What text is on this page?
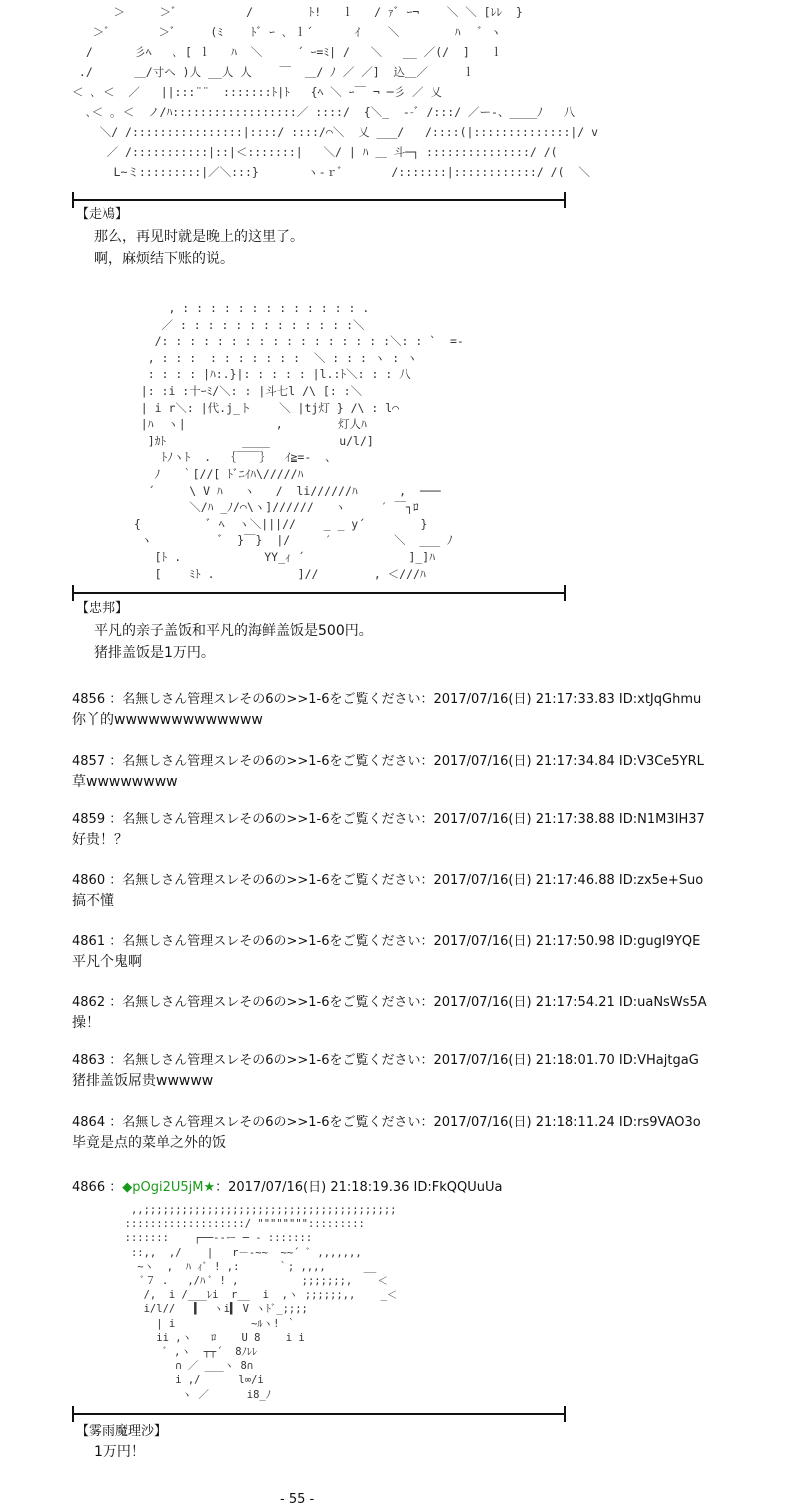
＞     ＞ﾞ          /        ﾄ!   ｌ   / ｧﾞ ｰ¬    ＼ ＼ [ﾚﾚ  }
＞ﾞ       ＞ﾞ     (ﾐ    ﾄﾞ ｰ ､ ｌ´      ｲ    ＼        ﾊ   ﾞ ヽ
/      彡ﾍ   ､ [ ｌ   ﾊ  ＼     ´ ｰ=ﾐ| /   ＼   __ ／(/  ]   ｌ
./      ＿/寸へ )人 __人 人    ￣  ＿/ ﾉ ／ ／]  込＿／     ｌ
＜ ､ ＜  ／   ||:::¨¨  :::::::ﾄ|ﾄ   {ﾍ ＼ ｰ￣ ¬ ─彡 ／ 乂
､＜ ｡ ＜  ノ/ﾊ::::::::::::::::::／ ::::/  {＼_  --ﾞ /:::/ ／ー-、____ﾉ   八
＼/ /::::::::::::::::|::::/ ::::/⌒＼  乂 ___/   /::::(|::::::::::::::|/ v
／ /:::::::::::|::|＜:::::::|   ＼/ | ﾊ ＿ 斗─┐ :::::::::::::::/ /(
L~ミ:::::::::|／＼:::}       ヽ-ｒﾞ       /:::::::|::::::::::::/ /(  ＼
【走鳰】
那么，再见时就是晚上的这里了。
啊，麻烦结下账的说。
, : : : : : : : : : : : : : .
／ : : : : : : : : : : : : :＼
/: : : : : : : : : : : : : : : : :＼: : `  =-
, : : :  : : : : : : :  ＼ : : : ヽ : ヽ
: : : : |ﾊ:.}|: : : : : |l.:ﾄ＼: : : 八
|: :i :十ｰﾐ/＼: : |斗七l /\ [: :＼
| i r＼: |代.j_ト    ＼ |tj灯 } /\ : l⌒
|ﾊ  ヽ|             ,        灯人ﾊ
]ｶﾄ           ____          u/l/]
ﾄﾉヽﾄ  .  ｛￣￣｝  ｲ≧=-  、
ﾉ   ｀[//[ ﾄﾞﾆｲﾊ\/////ﾊ
´     \ V ﾊ   ヽ   /  li//////ﾊ      ,  ───
＼/ﾊ _ﾉ/⌒\ヽ]//////   ヽ     ′ ￣┐ﾛ
{          ﾞ ﾍ  ヽ＼|||//    _ _ y´        }
ヽ          ﾞ  }￣}  |/     ′         ＼  ___ ﾉ
[ﾄ .            YY_ｨ ´               ]_]ﾊ
[    ﾐﾄ .            ]//        , ＜///ﾊ
【忠邦】
平凡的亲子盖饭和平凡的海鲜盖饭是500円。
猪排盖饭是1万円。
4856 ：名無しさん管理スレその6の>>1-6をご覧ください：2017/07/16(日) 21:17:33.83 ID:xtJqGhmu
你丫的wwwwwwwwwwwww
4857 ：名無しさん管理スレその6の>>1-6をご覧ください：2017/07/16(日) 21:17:34.84 ID:V3Ce5YRL
草wwwwwwww
4859 ：名無しさん管理スレその6の>>1-6をご覧ください：2017/07/16(日) 21:17:38.88 ID:N1M3IH37
好贵！？
4860 ：名無しさん管理スレその6の>>1-6をご覧ください：2017/07/16(日) 21:17:46.88 ID:zx5e+Suo
搞不懂
4861 ：名無しさん管理スレその6の>>1-6をご覧ください：2017/07/16(日) 21:17:50.98 ID:gugI9YQE
平凡个鬼啊
4862 ：名無しさん管理スレその6の>>1-6をご覧ください：2017/07/16(日) 21:17:54.21 ID:uaNsWs5A
操！
4863 ：名無しさん管理スレその6の>>1-6をご覧ください：2017/07/16(日) 21:18:01.70 ID:VHajtgaG
猪排盖饭屌贵wwwww
4864 ：名無しさん管理スレその6の>>1-6をご覧ください：2017/07/16(日) 21:18:11.24 ID:rs9VAO3o
毕竟是点的菜单之外的饭
4866 ：◆pOgi2U5jM★：2017/07/16(日) 21:18:19.36 ID:FkQQUuUa
,,;;;;;;;;;;;;;;;;;;;;;;;;;;;;;;;;;;;;;;;;
:::::::::::::::::::/ """""""":::::::::
:::::::    ┌──--ー ─ - :::::::
::,,  ,/    |   r－-~~  ~~´ ﾞ ,,,,,,,
~ヽ  ,  ﾊ ｨﾞ ! ,:      ｀; ,,,,      __
ﾞ７ .   ,/ﾊ ﾞ ! ,          ;;;;;;;,    ＜
/,  i /___ﾚi  r__  i  ,ヽ ;;;;;;,,    _＜
i/l//   ▍  ヽi▍ V ヽﾄﾞ_;;;;
| i            ~ﾙヽ! ｀
ii ,ヽ   ﾛ    U 8    i i
ﾞ ,ヽ  ┬┬´  8ﾉﾚﾚ
∩ ／ ___ヽ 8∩
i ,/      l∞/i
ヽ ／      i8_ﾉ
【雾雨魔理沙】
1万円！
- 55 -
